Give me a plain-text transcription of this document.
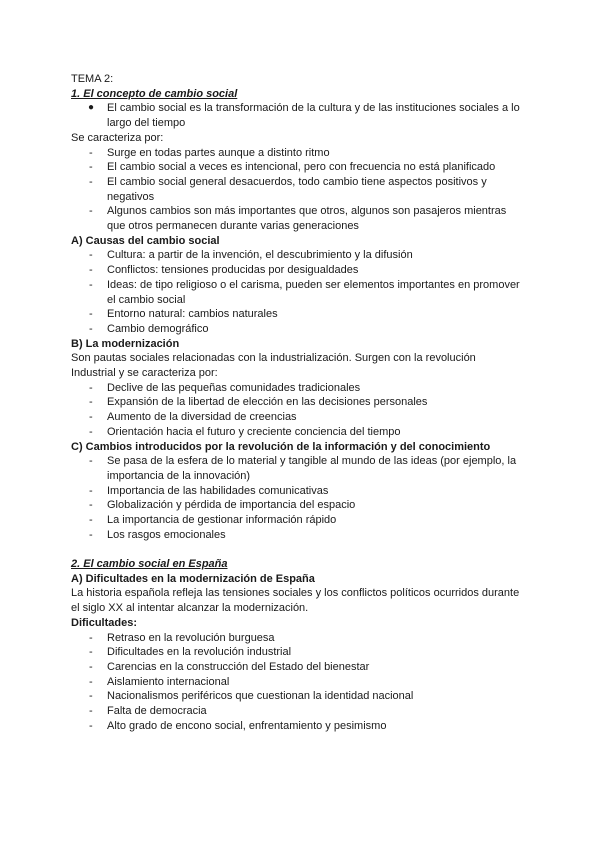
TEMA 2:
1. El concepto de cambio social
● El cambio social es la transformación de la cultura y de las instituciones sociales a lo
largo del tiempo
Se caracteriza por:
- Surge en todas partes aunque a distinto ritmo
- El cambio social a veces es intencional, pero con frecuencia no está planificado
- El cambio social general desacuerdos, todo cambio tiene aspectos positivos y
negativos
- Algunos cambios son más importantes que otros, algunos son pasajeros mientras
que otros permanecen durante varias generaciones
A) Causas del cambio social
- Cultura: a partir de la invención, el descubrimiento y la difusión
- Conflictos: tensiones producidas por desigualdades
- Ideas: de tipo religioso o el carisma, pueden ser elementos importantes en promover
el cambio social
- Entorno natural: cambios naturales
- Cambio demográfico
B) La modernización
Son pautas sociales relacionadas con la industrialización. Surgen con la revolución
Industrial y se caracteriza por:
- Declive de las pequeñas comunidades tradicionales
- Expansión de la libertad de elección en las decisiones personales
- Aumento de la diversidad de creencias
- Orientación hacia el futuro y creciente conciencia del tiempo
C) Cambios introducidos por la revolución de la información y del conocimiento
- Se pasa de la esfera de lo material y tangible al mundo de las ideas (por ejemplo, la
importancia de la innovación)
- Importancia de las habilidades comunicativas
- Globalización y pérdida de importancia del espacio
- La importancia de gestionar información rápido
- Los rasgos emocionales
2. El cambio social en España
A) Dificultades en la modernización de España
La historia española refleja las tensiones sociales y los conflictos políticos ocurridos durante
el siglo XX al intentar alcanzar la modernización.
Dificultades:
- Retraso en la revolución burguesa
- Dificultades en la revolución industrial
- Carencias en la construcción del Estado del bienestar
- Aislamiento internacional
- Nacionalismos periféricos que cuestionan la identidad nacional
- Falta de democracia
- Alto grado de encono social, enfrentamiento y pesimismo
